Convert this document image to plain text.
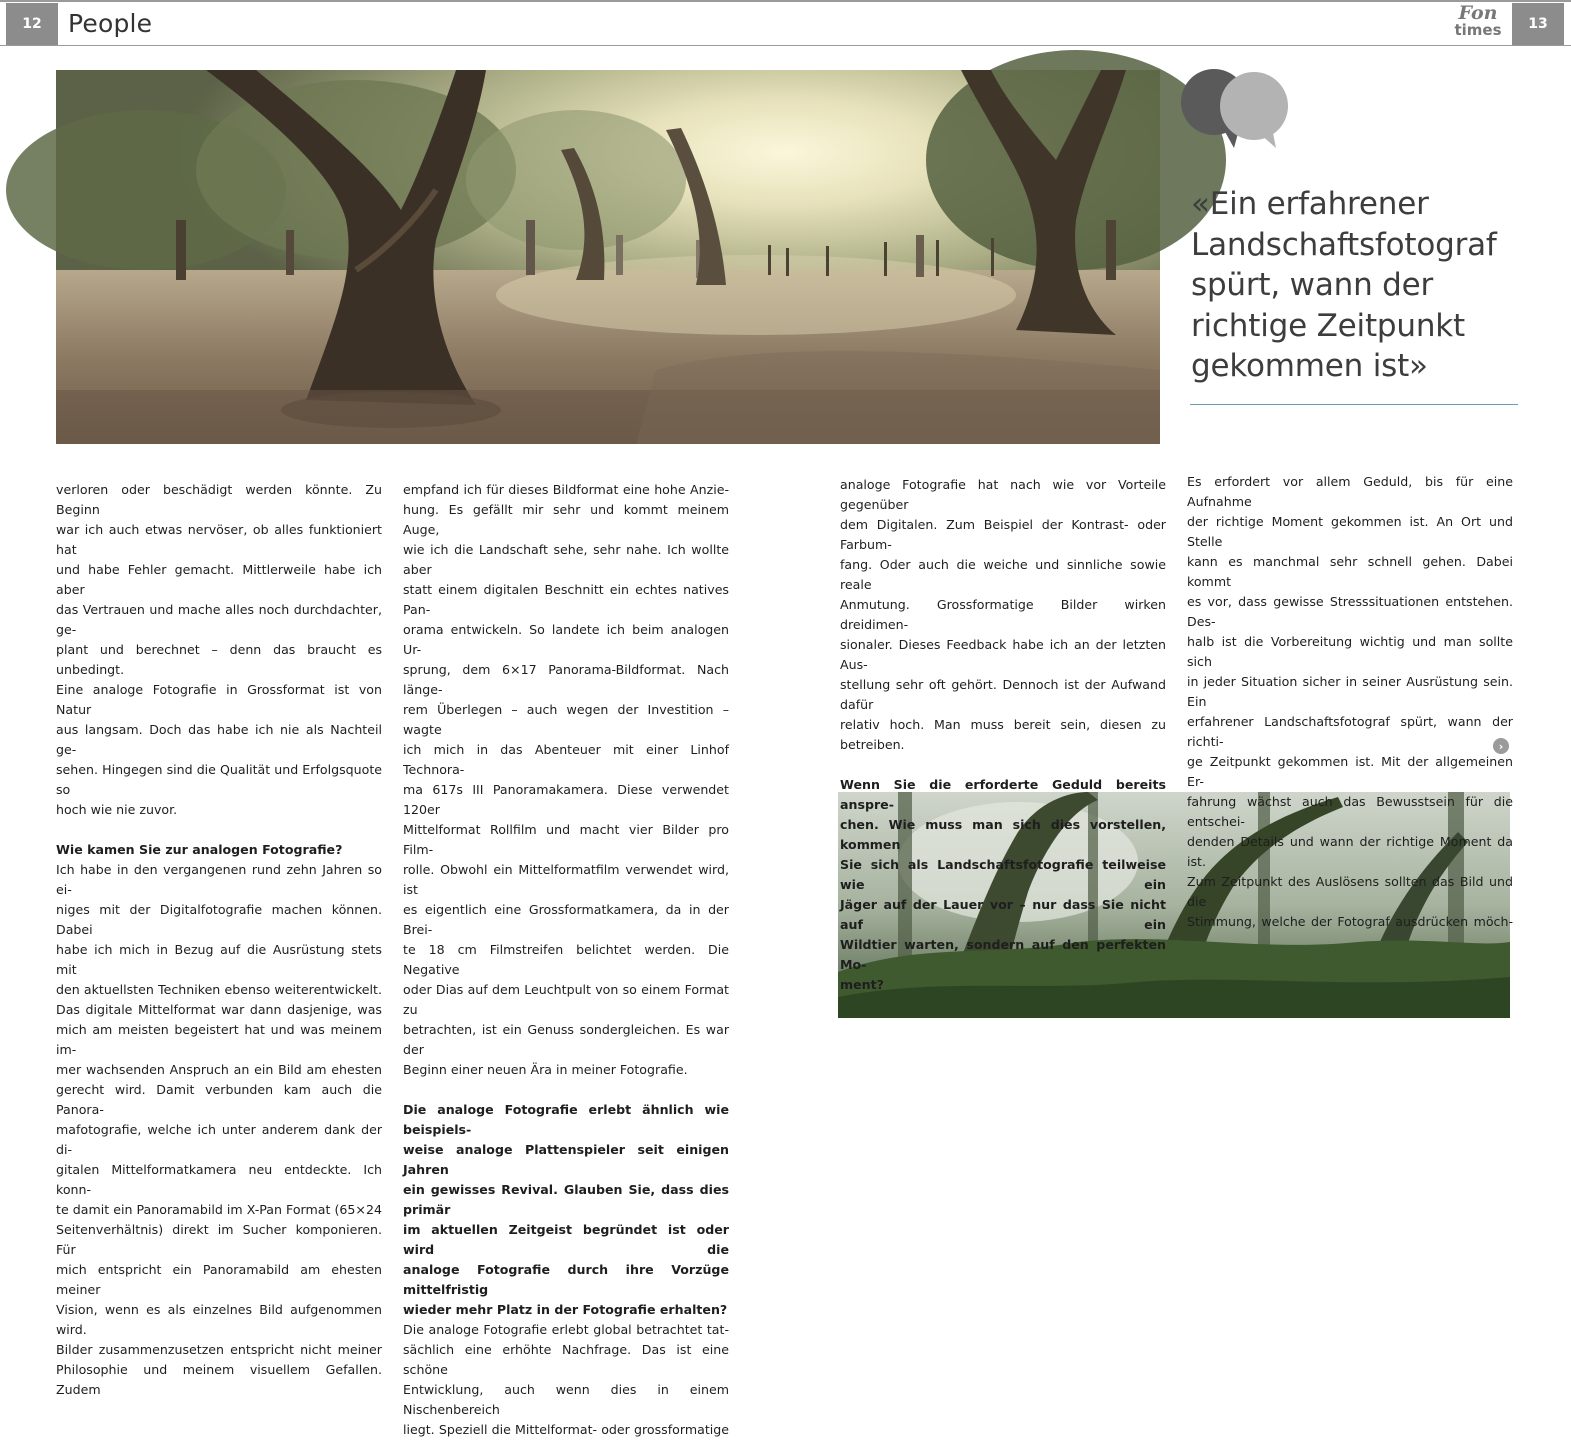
12	People	Fon
times	13
«Ein erfahrener
Landschaftsfotograf
spürt, wann der
richtige Zeitpunkt
gekommen ist»

verloren oder beschädigt werden könnte. Zu Beginn

war ich auch etwas nervöser, ob alles funktioniert hat

und habe Fehler gemacht. Mittlerweile habe ich aber

das Vertrauen und mache alles noch durchdachter, ge-

plant und berechnet – denn das braucht es unbedingt.

Eine analoge Fotografie in Grossformat ist von Natur

aus langsam. Doch das habe ich nie als Nachteil ge-

sehen. Hingegen sind die Qualität und Erfolgsquote so

hoch wie nie zuvor.

Wie kamen Sie zur analogen Fotografie?

Ich habe in den vergangenen rund zehn Jahren so ei-

niges mit der Digitalfotografie machen können. Dabei

habe ich mich in Bezug auf die Ausrüstung stets mit

den aktuellsten Techniken ebenso weiterentwickelt.

Das digitale Mittelformat war dann dasjenige, was

mich am meisten begeistert hat und was meinem im-

mer wachsenden Anspruch an ein Bild am ehesten

gerecht wird. Damit verbunden kam auch die Panora-

mafotografie, welche ich unter anderem dank der di-

gitalen Mittelformatkamera neu entdeckte. Ich konn-

te damit ein Panoramabild im X-Pan Format (65×24

Seitenverhältnis) direkt im Sucher komponieren. Für

mich entspricht ein Panoramabild am ehesten meiner

Vision, wenn es als einzelnes Bild aufgenommen wird.

Bilder zusammenzusetzen entspricht nicht meiner

Philosophie und meinem visuellem Gefallen. Zudem

empfand ich für dieses Bildformat eine hohe Anzie-

hung. Es gefällt mir sehr und kommt meinem Auge,

wie ich die Landschaft sehe, sehr nahe. Ich wollte aber

statt einem digitalen Beschnitt ein echtes natives Pan-

orama entwickeln. So landete ich beim analogen Ur-

sprung, dem 6×17 Panorama-Bildformat. Nach länge-

rem Überlegen – auch wegen der Investition – wagte

ich mich in das Abenteuer mit einer Linhof Technora-

ma 617s III Panoramakamera. Diese verwendet 120er

Mittelformat Rollfilm und macht vier Bilder pro Film-

rolle. Obwohl ein Mittelformatfilm verwendet wird, ist

es eigentlich eine Grossformatkamera, da in der Brei-

te 18 cm Filmstreifen belichtet werden. Die Negative

oder Dias auf dem Leuchtpult von so einem Format zu

betrachten, ist ein Genuss sondergleichen. Es war der

Beginn einer neuen Ära in meiner Fotografie.

Die analoge Fotografie erlebt ähnlich wie beispiels-

weise analoge Plattenspieler seit einigen Jahren

ein gewisses Revival. Glauben Sie, dass dies primär

im aktuellen Zeitgeist begründet ist oder wird die

analoge Fotografie durch ihre Vorzüge mittelfristig

wieder mehr Platz in der Fotografie erhalten?

Die analoge Fotografie erlebt global betrachtet tat-

sächlich eine erhöhte Nachfrage. Das ist eine schöne

Entwicklung, auch wenn dies in einem Nischenbereich

liegt. Speziell die Mittelformat- oder grossformatige

analoge Fotografie hat nach wie vor Vorteile gegenüber

dem Digitalen. Zum Beispiel der Kontrast- oder Farbum-

fang. Oder auch die weiche und sinnliche sowie reale

Anmutung. Grossformatige Bilder wirken dreidimen-

sionaler. Dieses Feedback habe ich an der letzten Aus-

stellung sehr oft gehört. Dennoch ist der Aufwand dafür

relativ hoch. Man muss bereit sein, diesen zu betreiben.

Wenn Sie die erforderte Geduld bereits anspre-

chen. Wie muss man sich dies vorstellen, kommen

Sie sich als Landschaftsfotografie teilweise wie ein

Jäger auf der Lauer vor – nur dass Sie nicht auf ein

Wildtier warten, sondern auf den perfekten Mo-

ment?

Es erfordert vor allem Geduld, bis für eine Aufnahme

der richtige Moment gekommen ist. An Ort und Stelle

kann es manchmal sehr schnell gehen. Dabei kommt

es vor, dass gewisse Stresssituationen entstehen. Des-

halb ist die Vorbereitung wichtig und man sollte sich

in jeder Situation sicher in seiner Ausrüstung sein. Ein

erfahrener Landschaftsfotograf spürt, wann der richti-

ge Zeitpunkt gekommen ist. Mit der allgemeinen Er-

fahrung wächst auch das Bewusstsein für die entschei-

denden Details und wann der richtige Moment da ist.

Zum Zeitpunkt des Auslösens sollten das Bild und die

Stimmung, welche der Fotograf ausdrücken möch-

›
